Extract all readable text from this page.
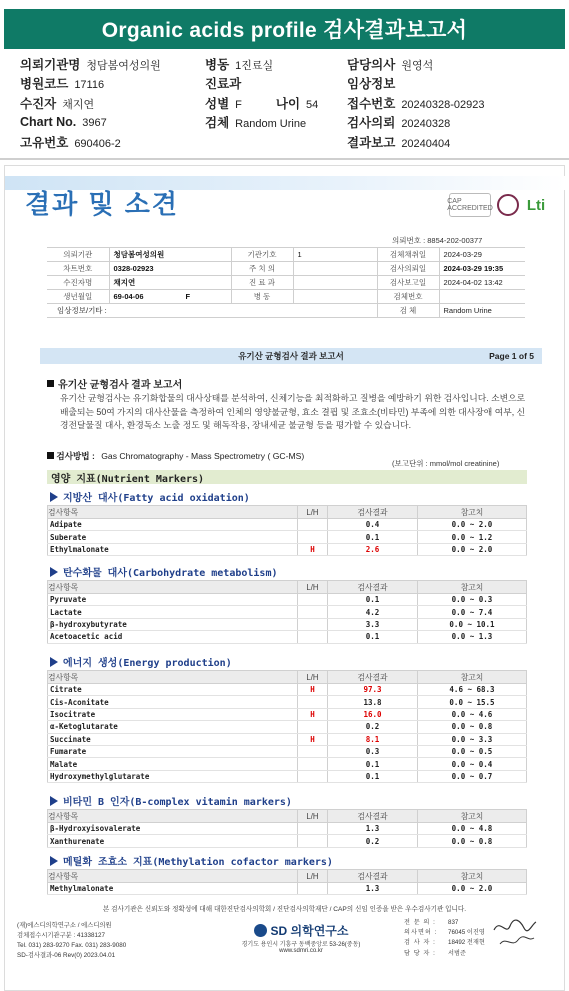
Organic acids profile 검사결과보고서
의뢰기관명 청담봄여성의원	병동 1진료실	담당의사 원영석
병원코드 17116	진료과	임상정보
수진자 채지연	성별 F	나이 54 접수번호 20240328-02923
Chart No. 3967	검체 Random Urine	검사의뢰 20240328
고유번호 690406-2	결과보고 20240404
결과 및 소견	CAP ACCREDITED Lti
의뢰번호 : 8854-202-00377
의뢰기관	청담봄여성의원	기관기호	1	검체채취일	2024-03-29
차트번호	0328-02923	주 치 의		검사의뢰일	2024-03-29 19:35
수진자명	채지연	진 료 과		검사보고일	2024-04-02 13:42
생년월일	69-04-06 F	병 동		검체번호	
임상정보/기타 :				검 체	Random Urine
유기산 균형검사 결과 보고서	Page 1 of 5
유기산 균형검사 결과 보고서
유기산 균형검사는 유기화합물의 대사상태를 분석하여, 신체기능을 최적화하고 질병을 예방하기 위한 검사입니다. 소변으로 배출되는 50여 가지의 대사산물을 측정하여 인체의 영양불균형, 효소 결핍 및 조효소(비타민) 부족에 의한 대사장애 여부, 신경전달물질 대사, 환경독소 노출 정도 및 해독작용, 장내세균 불균형 등을 평가할 수 있습니다.
검사방법 : Gas Chromatography - Mass Spectrometry ( GC-MS)
(보고단위 : mmol/mol creatinine)
영양 지표(Nutrient Markers)
지방산 대사(Fatty acid oxidation)
검사항목	L/H	검사결과	참고치
Adipate		0.4	0.0 ~ 2.0
Suberate		0.1	0.0 ~ 1.2
Ethylmalonate	H	2.6	0.0 ~ 2.0
탄수화물 대사(Carbohydrate metabolism)
검사항목	L/H	검사결과	참고치
Pyruvate		0.1	0.0 ~ 0.3
Lactate		4.2	0.0 ~ 7.4
β-hydroxybutyrate		3.3	0.0 ~ 10.1
Acetoacetic acid		0.1	0.0 ~ 1.3
에너지 생성(Energy production)
검사항목	L/H	검사결과	참고치
Citrate	H	97.3	4.6 ~ 68.3
Cis-Aconitate		13.8	0.0 ~ 15.5
Isocitrate	H	16.0	0.0 ~ 4.6
α-Ketoglutarate		0.2	0.0 ~ 0.8
Succinate	H	8.1	0.0 ~ 3.3
Fumarate		0.3	0.0 ~ 0.5
Malate		0.1	0.0 ~ 0.4
Hydroxymethylglutarate		0.1	0.0 ~ 0.7
비타민 B 인자(B-complex vitamin markers)
검사항목	L/H	검사결과	참고치
β-Hydroxyisovalerate		1.3	0.0 ~ 4.8
Xanthurenate		0.2	0.0 ~ 0.8
메틸화 조효소 지표(Methylation cofactor markers)
검사항목	L/H	검사결과	참고치
Methylmalonate		1.3	0.0 ~ 2.0
본 검사기관은 신뢰도와 정확성에 대해 대한진단검사의학회 / 진단검사의학재단 / CAP의 신임 인증을 받은 우수검사기관 입니다.
(재)에스디의학연구소 / 에스디의원
검체접수시기관구분 : 41338127
Tel. 031) 283-9270 Fax. 031) 283-9080
SD-검사결과-06 Rev(0) 2023.04.01
SD 의학연구소
경기도 용인시 기흥구 동백중앙로 53-26(중동)
www.sdmri.co.kr
전 문 의 : 837
의사면허 : 76045 이진영
검 사 자 : 18492 전재현
담 당 자 : 서범준
